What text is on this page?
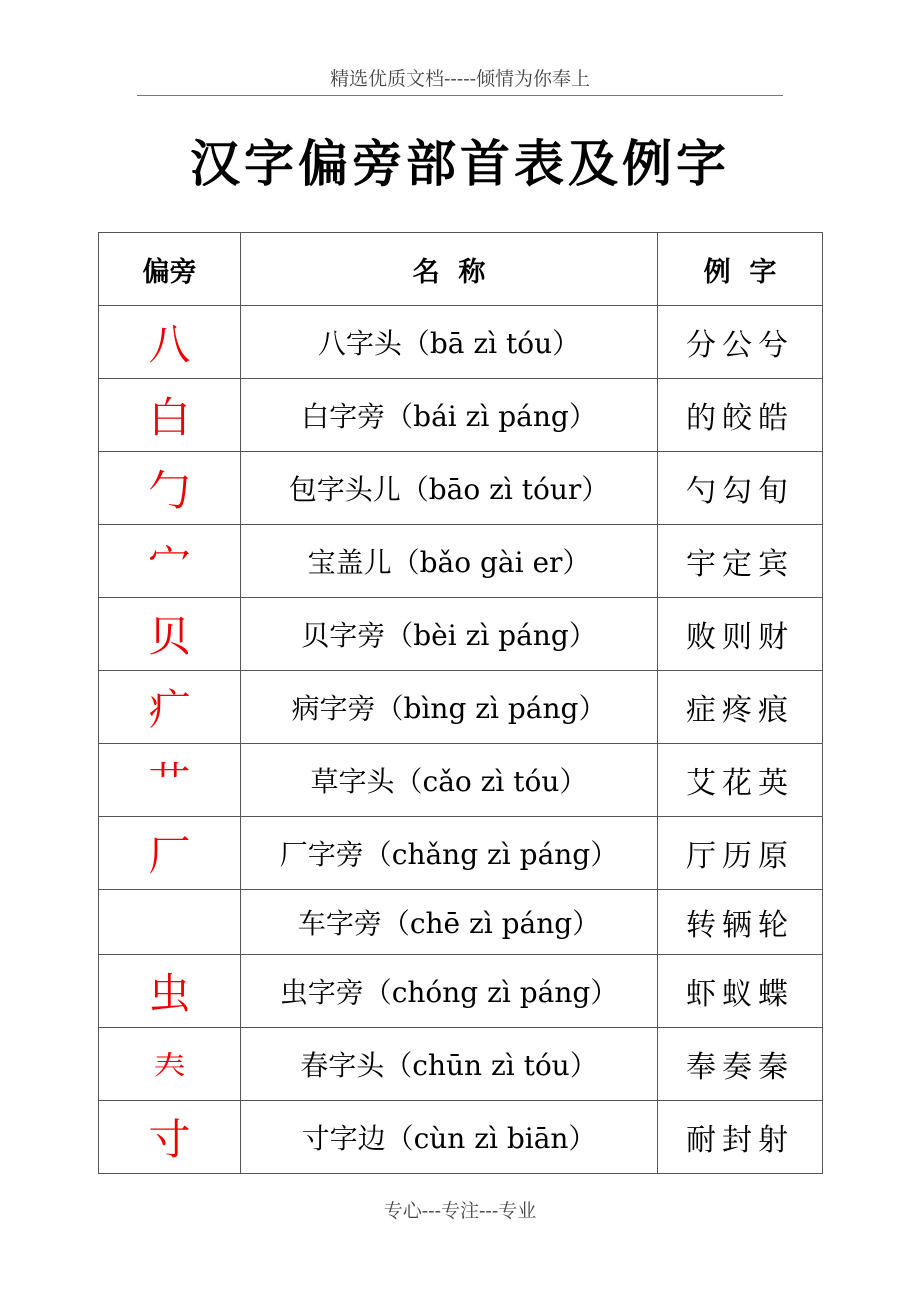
精选优质文档-----倾情为你奉上
汉字偏旁部首表及例字
偏旁	名  称	例  字
八	八字头（bā zì tóu）	分公兮
白	白字旁（bái zì páng）	的皎皓
勹	包字头儿（bāo zì tóur）	勺勾旬
宀	宝盖儿（bǎo gài er）	宇定宾
贝	贝字旁（bèi zì páng）	败则财
疒	病字旁（bìng zì páng）	症疼痕
艹	草字头（cǎo zì tóu）	艾花英
厂	厂字旁（chǎng zì páng）	厅历原
	车字旁（chē zì páng）	转辆轮
虫	虫字旁（chóng zì páng）	虾蚁蝶
𡗗	春字头（chūn zì tóu）	奉奏秦
寸	寸字边（cùn zì biān）	耐封射
专心---专注---专业
